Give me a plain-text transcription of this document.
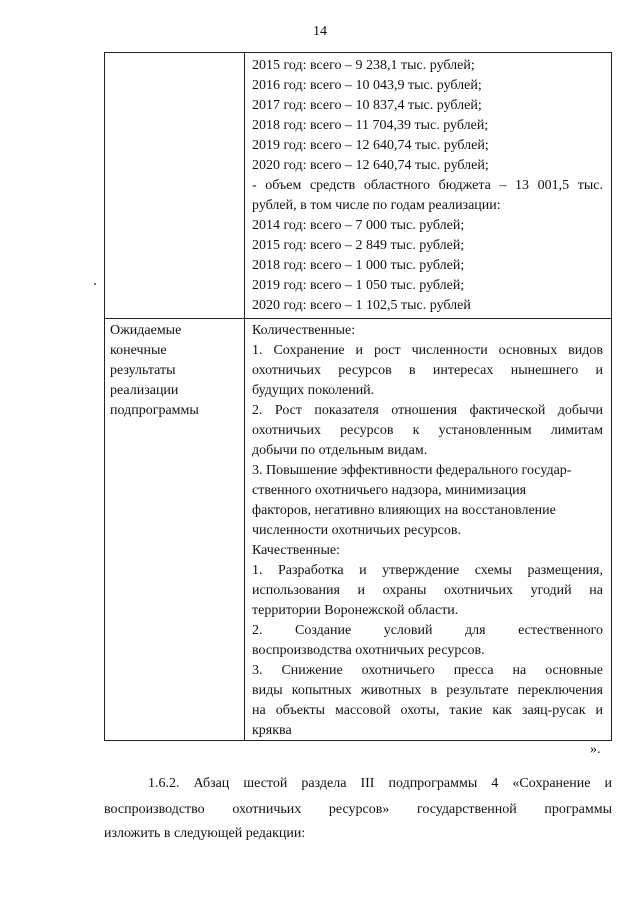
14
2015 год: всего – 9 238,1 тыс. рублей;
2016 год: всего – 10 043,9 тыс. рублей;
2017 год: всего – 10 837,4 тыс. рублей;
2018 год: всего – 11 704,39 тыс. рублей;
2019 год: всего – 12 640,74 тыс. рублей;
2020 год: всего – 12 640,74 тыс. рублей;
- объем средств областного бюджета – 13 001,5 тыс.
рублей, в том числе по годам реализации:
2014 год: всего – 7 000 тыс. рублей;
2015 год: всего – 2 849 тыс. рублей;
2018 год: всего – 1 000 тыс. рублей;
2019 год: всего – 1 050 тыс. рублей;
2020 год: всего – 1 102,5 тыс. рублей
Ожидаемые
конечные
результаты
реализации
подпрограммы
Количественные:
1. Сохранение и рост численности основных видов
охотничьих ресурсов в интересах нынешнего и
будущих поколений.
2. Рост показателя отношения фактической добычи
охотничьих ресурсов к установленным лимитам
добычи по отдельным видам.
3. Повышение эффективности федерального государ-
ственного охотничьего надзора, минимизация
факторов, негативно влияющих на восстановление
численности охотничьих ресурсов.
Качественные:
1. Разработка и утверждение схемы размещения,
использования и охраны охотничьих угодий на
территории Воронежской области.
2. Создание условий для естественного
воспроизводства охотничьих ресурсов.
3. Снижение охотничьего пресса на основные
виды копытных животных в результате переключения
на объекты массовой охоты, такие как заяц-русак и
кряква
».
1.6.2. Абзац шестой раздела III подпрограммы 4 «Сохранение и
воспроизводство охотничьих ресурсов» государственной программы
изложить в следующей редакции:
